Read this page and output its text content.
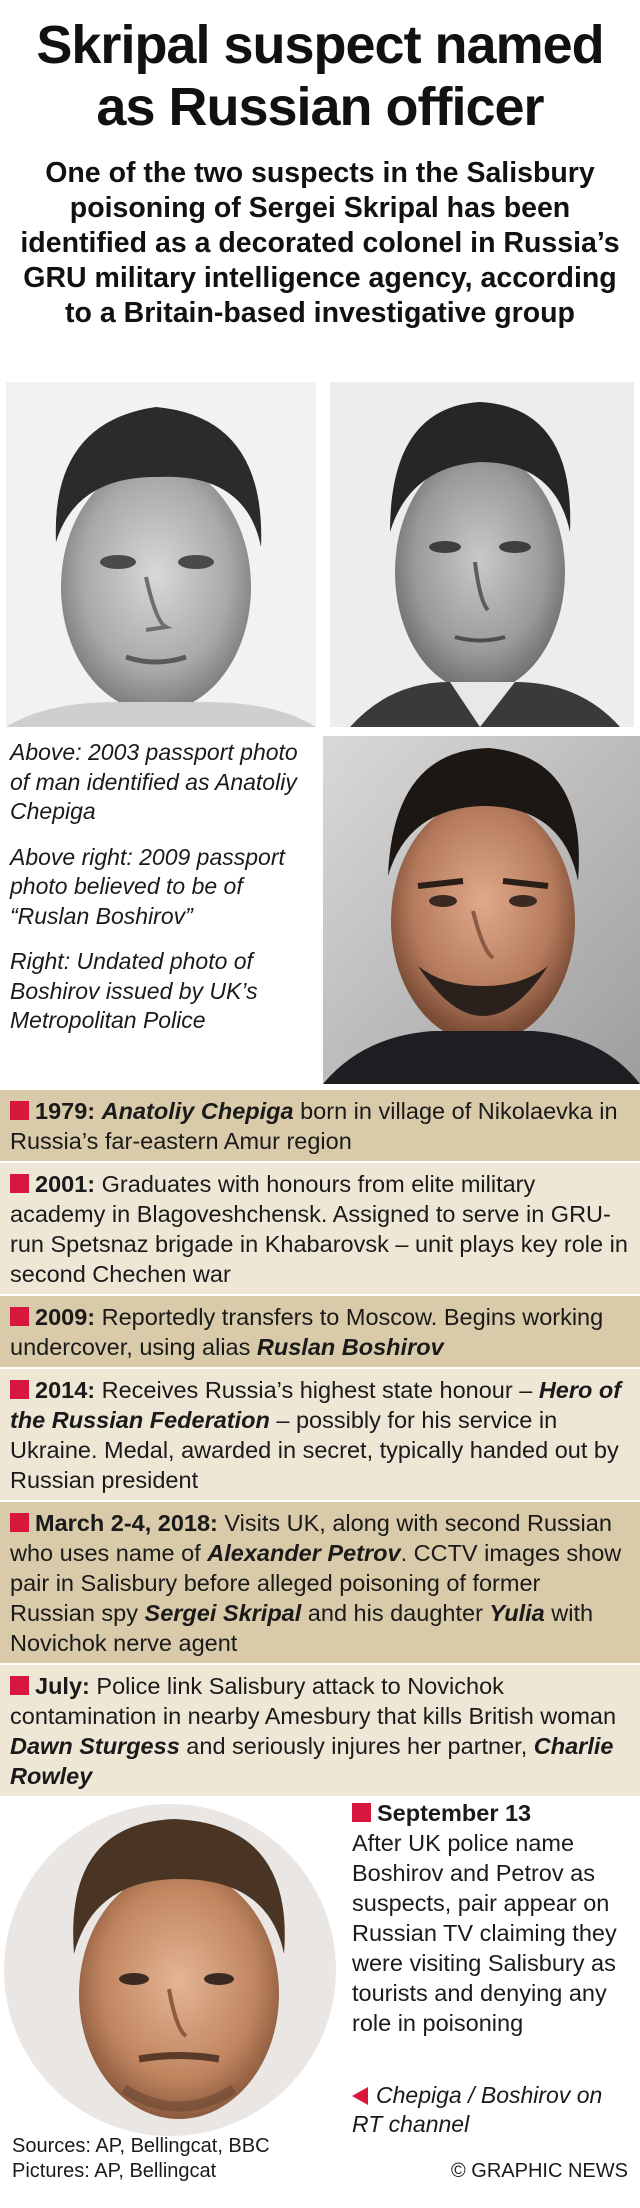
Skripal suspect named
as Russian officer
One of the two suspects in the Salisbury poisoning of Sergei Skripal has been identified as a decorated colonel in Russia’s GRU military intelligence agency, according to a Britain-based investigative group

Above: 2003 passport photo of man identified as Anatoliy Chepiga

Above right: 2009 passport photo believed to be of “Ruslan Boshirov”

Right: Undated photo of Boshirov issued by UK’s Metropolitan Police

1979: Anatoliy Chepiga born in village of Nikolaevka in Russia’s far-eastern Amur region
2001: Graduates with honours from elite military academy in Blagoveshchensk. Assigned to serve in GRU-run Spetsnaz brigade in Khabarovsk – unit plays key role in second Chechen war
2009: Reportedly transfers to Moscow. Begins working undercover, using alias Ruslan Boshirov
2014: Receives Russia’s highest state honour – Hero of the Russian Federation – possibly for his service in Ukraine. Medal, awarded in secret, typically handed out by Russian president
March 2-4, 2018: Visits UK, along with second Russian who uses name of Alexander Petrov. CCTV images show pair in Salisbury before alleged poisoning of former Russian spy Sergei Skripal and his daughter Yulia with Novichok nerve agent
July: Police link Salisbury attack to Novichok contamination in nearby Amesbury that kills British woman Dawn Sturgess and seriously injures her partner, Charlie Rowley
September 13
After UK police name Boshirov and Petrov as suspects, pair appear on Russian TV claiming they were visiting Salisbury as tourists and denying any role in poisoning
Chepiga / Boshirov on RT channel
Sources: AP, Bellingcat, BBC
Pictures: AP, Bellingcat	© GRAPHIC NEWS
